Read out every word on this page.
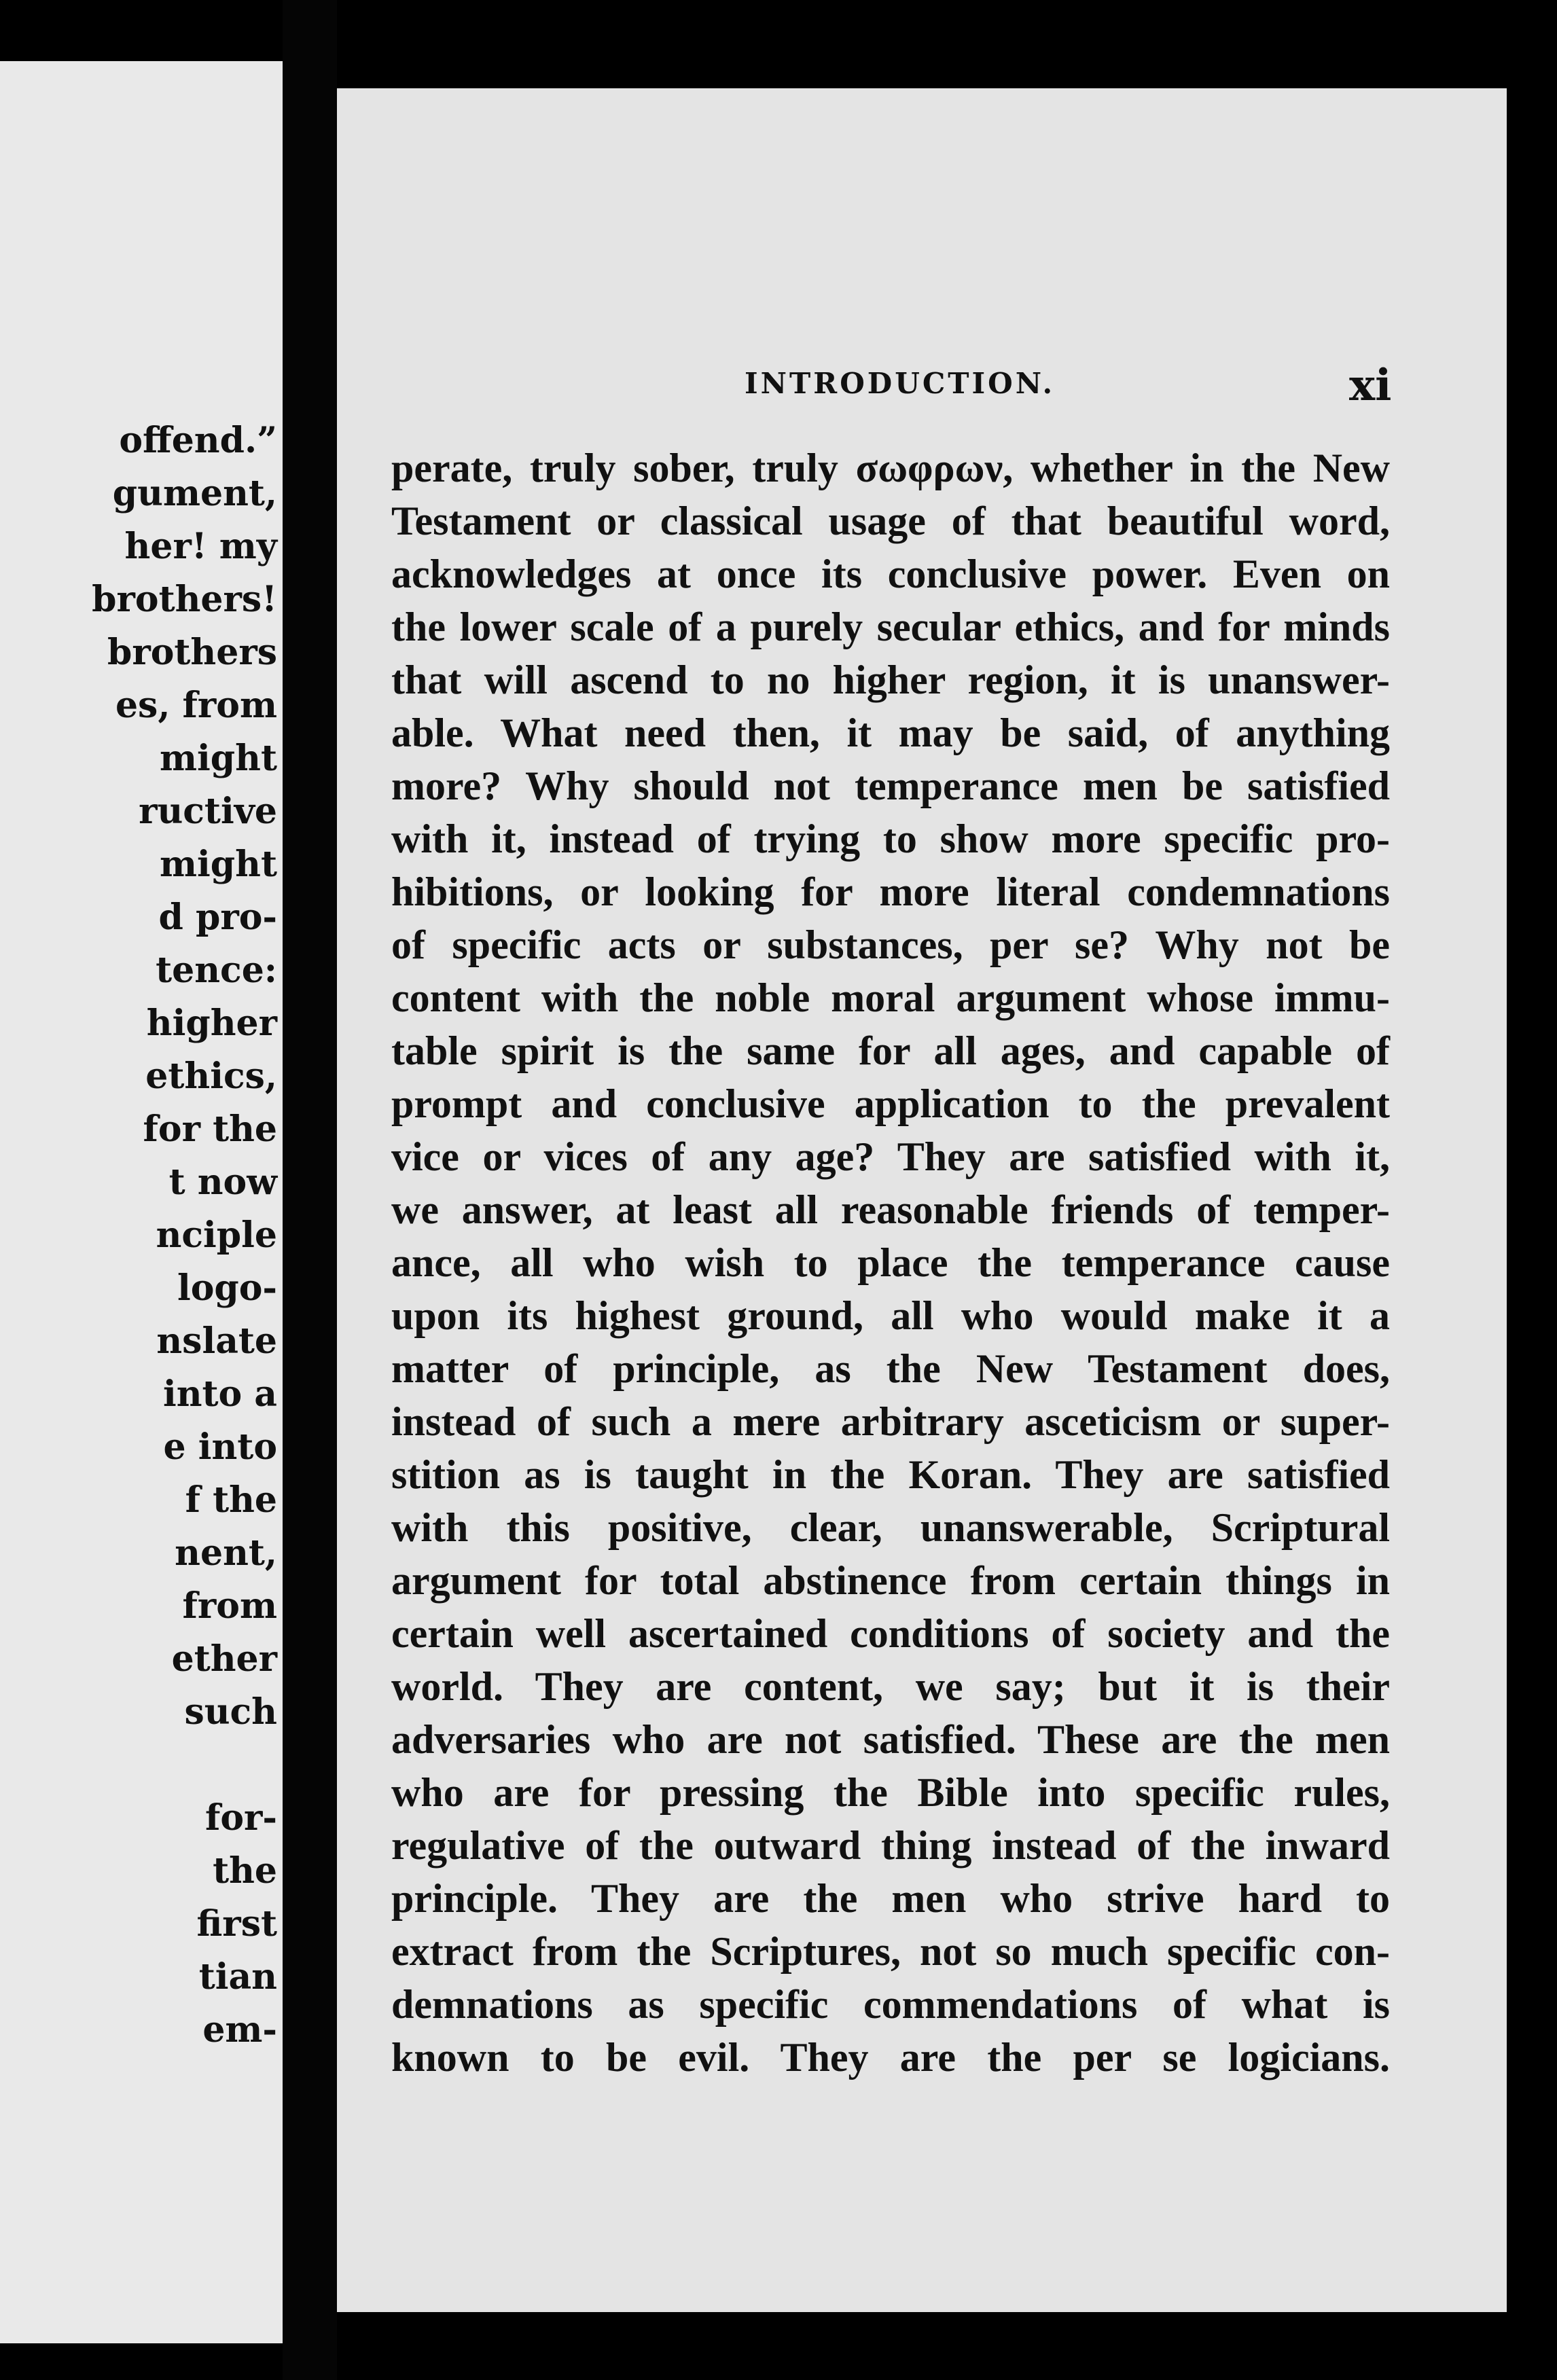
offend.”
gument,
her! my
brothers!
brothers
es, from
might
ructive
might
d pro-
tence:
higher
ethics,
for the
t now
nciple
logo-
nslate
into a
e into
f the
nent,
from
ether
such
for-
the
first
tian
em-
INTRODUCTION.	xi
perate, truly sober, truly σωφρων, whether in the New
Testament or classical usage of that beautiful word,
acknowledges at once its conclusive power. Even on
the lower scale of a purely secular ethics, and for minds
that will ascend to no higher region, it is unanswer-
able. What need then, it may be said, of anything
more? Why should not temperance men be satisfied
with it, instead of trying to show more specific pro-
hibitions, or looking for more literal condemnations
of specific acts or substances, per se? Why not be
content with the noble moral argument whose immu-
table spirit is the same for all ages, and capable of
prompt and conclusive application to the prevalent
vice or vices of any age? They are satisfied with it,
we answer, at least all reasonable friends of temper-
ance, all who wish to place the temperance cause
upon its highest ground, all who would make it a
matter of principle, as the New Testament does,
instead of such a mere arbitrary asceticism or super-
stition as is taught in the Koran. They are satisfied
with this positive, clear, unanswerable, Scriptural
argument for total abstinence from certain things in
certain well ascertained conditions of society and the
world. They are content, we say; but it is their
adversaries who are not satisfied. These are the men
who are for pressing the Bible into specific rules,
regulative of the outward thing instead of the inward
principle. They are the men who strive hard to
extract from the Scriptures, not so much specific con-
demnations as specific commendations of what is
known to be evil. They are the per se logicians.
